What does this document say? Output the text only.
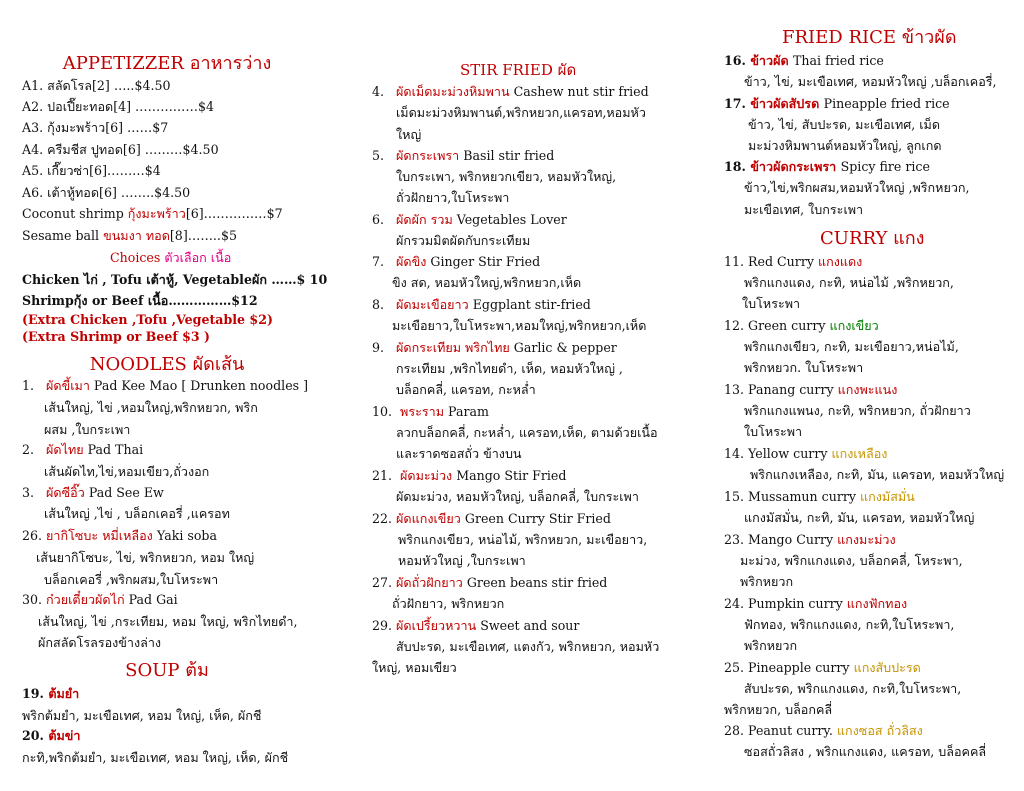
APPETIZZER อาหารว่าง
A1. สลัดโรล[2] …..$4.50
A2. ปอเปี๊ยะทอด[4] ……………$4
A3. กุ้งมะพร้าว[6] ……$7
A4. ครีมชีส ปูทอด[6] ………$4.50
A5. เกี๊ยวซ่า[6]………$4
A6. เต้าหู้ทอด[6] ……..$4.50
Coconut shrimp กุ้งมะพร้าว[6]……………$7
Sesame ball ขนมงา ทอด[8]……..$5
Choices ตัวเลือก เนื้อ
Chicken ไก่ , Tofu เต้าหู้, Vegetableผัก ……$ 10
Shrimpกุ้ง or Beef เนื้อ……………$12
(Extra Chicken ,Tofu ,Vegetable $2)
(Extra Shrimp or Beef $3 )
NOODLES ผัดเส้น
1. ผัดขี้เมา Pad Kee Mao [ Drunken noodles ]
เส้นใหญ่, ไข่ ,หอมใหญ่,พริกหยวก, พริก
ผสม ,ใบกระเพา
2. ผัดไทย Pad Thai
เส้นผัดไท,ไข่,หอมเขียว,ถั่วงอก
3. ผัดซีอิ๊ว Pad See Ew
เส้นใหญ่ ,ไข่ , บล็อกเคอรี่ ,แครอท
26. ยากิโซบะ หมี่เหลือง Yaki soba
เส้นยากิโซบะ, ไข่, พริกหยวก, หอม ใหญ่
บล็อกเคอรี่ ,พริกผสม,ใบโหระพา
30. ก๋วยเตี๋ยวผัดไก่ Pad Gai
เส้นใหญ่, ไข่ ,กระเทียม, หอม ใหญ่, พริกไทยดำ,
ผักสลัดโรลรองข้างล่าง
SOUP ต้ม
19. ต้มยำ
พริกต้มยำ, มะเขือเทศ, หอม ใหญ่, เห็ด, ผักชี
20. ต้มข่า
กะทิ,พริกต้มยำ, มะเขือเทศ, หอม ใหญ่, เห็ด, ผักชี
STIR FRIED ผัด
4. ผัดเม็ดมะม่วงหิมพาน Cashew nut stir fried
เม็ดมะม่วงหิมพานต์,พริกหยวก,แครอท,หอมหัว
ใหญ่
5. ผัดกระเพรา Basil stir fried
ใบกระเพา, พริกหยวกเขียว, หอมหัวใหญ่,
ถั่วฝักยาว,ใบโหระพา
6. ผัดผัก รวม Vegetables Lover
ผักรวมมิตผัดกับกระเทียม
7. ผัดขิง Ginger Stir Fried
ขิง สด, หอมหัวใหญ่,พริกหยวก,เห็ด
8. ผัดมะเขือยาว Eggplant stir-fried
มะเขือยาว,ใบโหระพา,หอมใหญ่,พริกหยวก,เห็ด
9. ผัดกระเทียม พริกไทย Garlic & pepper
กระเทียม ,พริกไทยดำ, เห็ด, หอมหัวใหญ่ ,
บล็อกคลี่, แครอท, กะหล่ำ
10. พระราม Param
ลวกบล็อกคลี่, กะหล่ำ, แครอท,เห็ด, ตามด้วยเนื้อ
และราดซอสถั่ว ข้างบน
21. ผัดมะม่วง Mango Stir Fried
ผัดมะม่วง, หอมหัวใหญ่, บล็อกคลี่, ใบกระเพา
22. ผัดแกงเขียว Green Curry Stir Fried
พริกแกงเขียว, หน่อไม้, พริกหยวก, มะเขือยาว,
หอมหัวใหญ่ ,ใบกระเพา
27. ผัดถั่วฝักยาว Green beans stir fried
ถั่วฝักยาว, พริกหยวก
29. ผัดเปรี้ยวหวาน Sweet and sour
สับปะรด, มะเขือเทศ, แตงกัว, พริกหยวก, หอมหัว
ใหญ่, หอมเขียว
FRIED RICE ข้าวผัด
16. ข้าวผัด Thai fried rice
ข้าว, ไข่, มะเขือเทศ, หอมหัวใหญ่ ,บล็อกเคอรี่,
17. ข้าวผัดสัปรด Pineapple fried rice
ข้าว, ไข่, สับปะรด, มะเขือเทศ, เม็ด
มะม่วงหิมพานต์หอมหัวใหญ่, ลูกเกด
18. ข้าวผัดกระเพรา Spicy fire rice
ข้าว,ไข่,พริกผสม,หอมหัวใหญ่ ,พริกหยวก,
มะเขือเทศ, ใบกระเพา
CURRY แกง
11. Red Curry แกงแดง
พริกแกงแดง, กะทิ, หน่อไม้ ,พริกหยวก,
ใบโหระพา
12. Green curry แกงเขียว
พริกแกงเขียว, กะทิ, มะเขือยาว,หน่อไม้,
พริกหยวก. ใบโหระพา
13. Panang curry แกงพะแนง
พริกแกงแพนง, กะทิ, พริกหยวก, ถั่วฝักยาว
ใบโหระพา
14. Yellow curry แกงเหลือง
พริกแกงเหลือง, กะทิ, มัน, แครอท, หอมหัวใหญ่
15. Mussamun curry แกงมัสมั่น
แกงมัสมั่น, กะทิ, มัน, แครอท, หอมหัวใหญ่
23. Mango Curry แกงมะม่วง
มะม่วง, พริกแกงแดง, บล็อกคลี่, โหระพา,
พริกหยวก
24. Pumpkin curry แกงฟักทอง
ฟักทอง, พริกแกงแดง, กะทิ,ใบโหระพา,
พริกหยวก
25. Pineapple curry แกงสับปะรด
สับปะรด, พริกแกงแดง, กะทิ,ใบโหระพา,
พริกหยวก, บล็อกคลี่
28. Peanut curry. แกงซอส ถั่วลิสง
ซอสถั่วลิสง , พริกแกงแดง, แครอท, บล็อคคลี่
